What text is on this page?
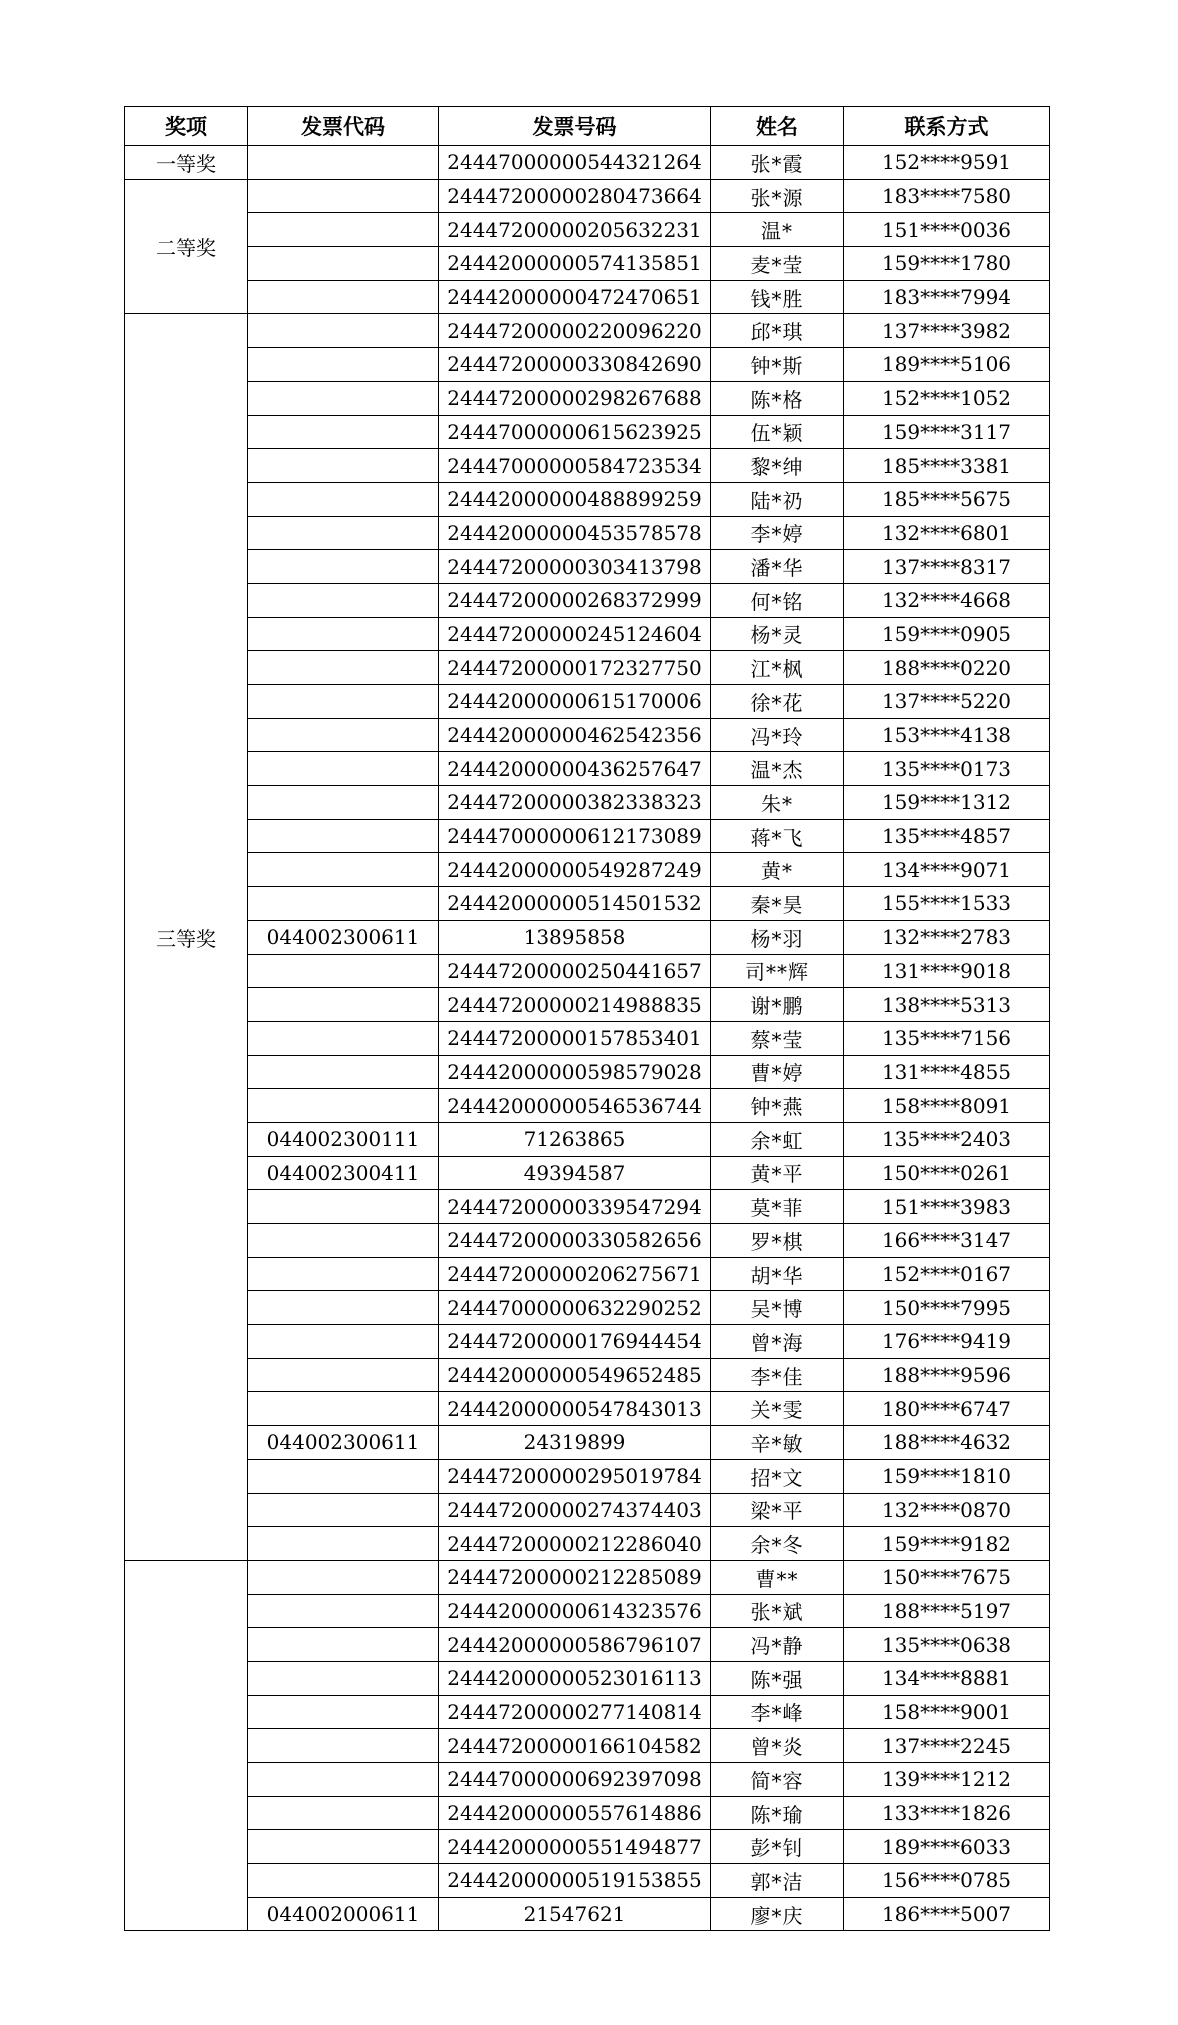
奖项	发票代码	发票号码	姓名	联系方式
一等奖		24447000000544321264	张*霞	152****9591
二等奖		24447200000280473664	张*源	183****7580
		24447200000205632231	温*	151****0036
		24442000000574135851	麦*莹	159****1780
		24442000000472470651	钱*胜	183****7994
三等奖		24447200000220096220	邱*琪	137****3982
		24447200000330842690	钟*斯	189****5106
		24447200000298267688	陈*格	152****1052
		24447000000615623925	伍*颖	159****3117
		24447000000584723534	黎*绅	185****3381
		24442000000488899259	陆*礽	185****5675
		24442000000453578578	李*婷	132****6801
		24447200000303413798	潘*华	137****8317
		24447200000268372999	何*铭	132****4668
		24447200000245124604	杨*灵	159****0905
		24447200000172327750	江*枫	188****0220
		24442000000615170006	徐*花	137****5220
		24442000000462542356	冯*玲	153****4138
		24442000000436257647	温*杰	135****0173
		24447200000382338323	朱*	159****1312
		24447000000612173089	蒋*飞	135****4857
		24442000000549287249	黄*	134****9071
		24442000000514501532	秦*昊	155****1533
	044002300611	13895858	杨*羽	132****2783
		24447200000250441657	司**辉	131****9018
		24447200000214988835	谢*鹏	138****5313
		24447200000157853401	蔡*莹	135****7156
		24442000000598579028	曹*婷	131****4855
		24442000000546536744	钟*燕	158****8091
	044002300111	71263865	余*虹	135****2403
	044002300411	49394587	黄*平	150****0261
		24447200000339547294	莫*菲	151****3983
		24447200000330582656	罗*棋	166****3147
		24447200000206275671	胡*华	152****0167
		24447000000632290252	吴*博	150****7995
		24447200000176944454	曾*海	176****9419
		24442000000549652485	李*佳	188****9596
		24442000000547843013	关*雯	180****6747
	044002300611	24319899	辛*敏	188****4632
		24447200000295019784	招*文	159****1810
		24447200000274374403	梁*平	132****0870
		24447200000212286040	余*冬	159****9182
		24447200000212285089	曹**	150****7675
		24442000000614323576	张*斌	188****5197
		24442000000586796107	冯*静	135****0638
		24442000000523016113	陈*强	134****8881
		24447200000277140814	李*峰	158****9001
		24447200000166104582	曾*炎	137****2245
		24447000000692397098	简*容	139****1212
		24442000000557614886	陈*瑜	133****1826
		24442000000551494877	彭*钊	189****6033
		24442000000519153855	郭*洁	156****0785
	044002000611	21547621	廖*庆	186****5007
